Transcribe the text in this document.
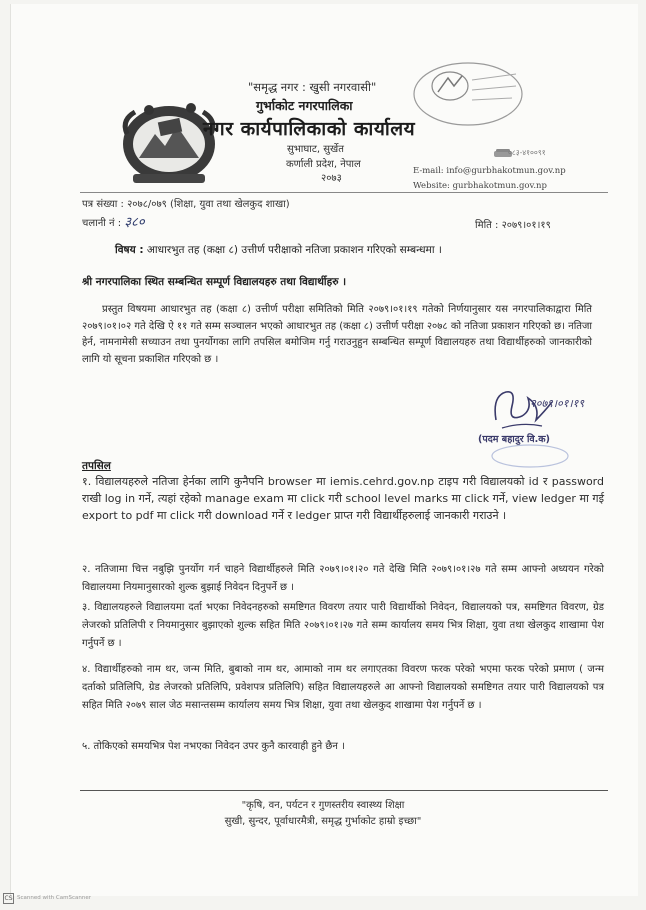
"समृद्ध नगर : खुसी नगरवासी"
गुर्भाकोट नगरपालिका
नगर कार्यपालिकाको कार्यालय
सुभाघाट, सुर्खेत
कर्णाली प्रदेश, नेपाल
२०७३
०८३-४१००९१
E-mail: info@gurbhakotmun.gov.np
Website: gurbhakotmun.gov.np
पत्र संख्या : २०७८/०७९ (शिक्षा, युवा तथा खेलकुद शाखा)
चलानी नं : ३८०	मिति : २०७९।०१।१९
विषय : आधारभुत तह (कक्षा ८) उत्तीर्ण परीक्षाको नतिजा प्रकाशन गरिएको सम्बन्धमा ।
श्री नगरपालिका स्थित सम्बन्धित सम्पूर्ण विद्यालयहरु तथा विद्यार्थीहरु ।
प्रस्तुत विषयमा आधारभुत तह (कक्षा ८) उत्तीर्ण परीक्षा समितिको मिति २०७९।०१।१९ गतेको निर्णयानुसार यस नगरपालिकाद्वारा मिति २०७९।०१।०२ गते देखि ऐ ११ गते सम्म सञ्चालन भएको आधारभुत तह (कक्षा ८) उत्तीर्ण परीक्षा २०७८ को नतिजा प्रकाशन गरिएको छ। नतिजा हेर्न, नामनामेसी सच्याउन तथा पुनर्योगका लागि तपसिल बमोजिम गर्नु गराउनुहुन सम्बन्धित सम्पूर्ण विद्यालयहरु तथा विद्यार्थीहरुको जानकारीको लागि यो सूचना प्रकाशित गरिएको छ ।
२०७९।०१।१९
(पदम बहादुर वि.क)
तपसिल
१. विद्यालयहरुले नतिजा हेर्नका लागि कुनैपनि browser मा iemis.cehrd.gov.np टाइप गरी विद्यालयको id र password राखी log in गर्ने, त्यहां रहेको manage exam मा click गरी school level marks मा click गर्ने, view ledger मा गई export to pdf मा click गरी download गर्ने र ledger प्राप्त गरी विद्यार्थीहरुलाई जानकारी गराउने ।
२. नतिजामा चित्त नबुझि पुनर्योग गर्न चाहने विद्यार्थीहरुले मिति २०७९।०१।२० गते देखि मिति २०७९।०१।२७ गते सम्म आफ्नो अध्ययन गरेको विद्यालयमा नियमानुसारको शुल्क बुझाई निवेदन दिनुपर्ने छ ।
३. विद्यालयहरुले विद्यालयमा दर्ता भएका निवेदनहरुको समष्टिगत विवरण तयार पारी विद्यार्थीको निवेदन, विद्यालयको पत्र, समष्टिगत विवरण, ग्रेड लेजरको प्रतिलिपी र नियमानुसार बुझाएको शुल्क सहित मिति २०७९।०१।२७ गते सम्म कार्यालय समय भित्र शिक्षा, युवा तथा खेलकुद शाखामा पेश गर्नुपर्ने छ ।
४. विद्यार्थीहरुको नाम थर, जन्म मिति, बुबाको नाम थर, आमाको नाम थर लगाएतका विवरण फरक परेको भएमा फरक परेको प्रमाण ( जन्म दर्ताको प्रतिलिपि, ग्रेड लेजरको प्रतिलिपि, प्रवेशपत्र प्रतिलिपि) सहित विद्यालयहरुले आ आफ्नो विद्यालयको समष्टिगत तयार पारी विद्यालयको पत्र सहित मिति २०७९ साल जेठ मसान्तसम्म कार्यालय समय भित्र शिक्षा, युवा तथा खेलकुद शाखामा पेश गर्नुपर्ने छ ।
५. तोकिएको समयभित्र पेश नभएका निवेदन उपर कुनै कारवाही हुने छैन ।
"कृषि, वन, पर्यटन र गुणस्तरीय स्वास्थ्य शिक्षा
सुखी, सुन्दर, पूर्वाधारमैत्री, समृद्ध गुर्भाकोट हाम्रो इच्छा"
CS Scanned with CamScanner
